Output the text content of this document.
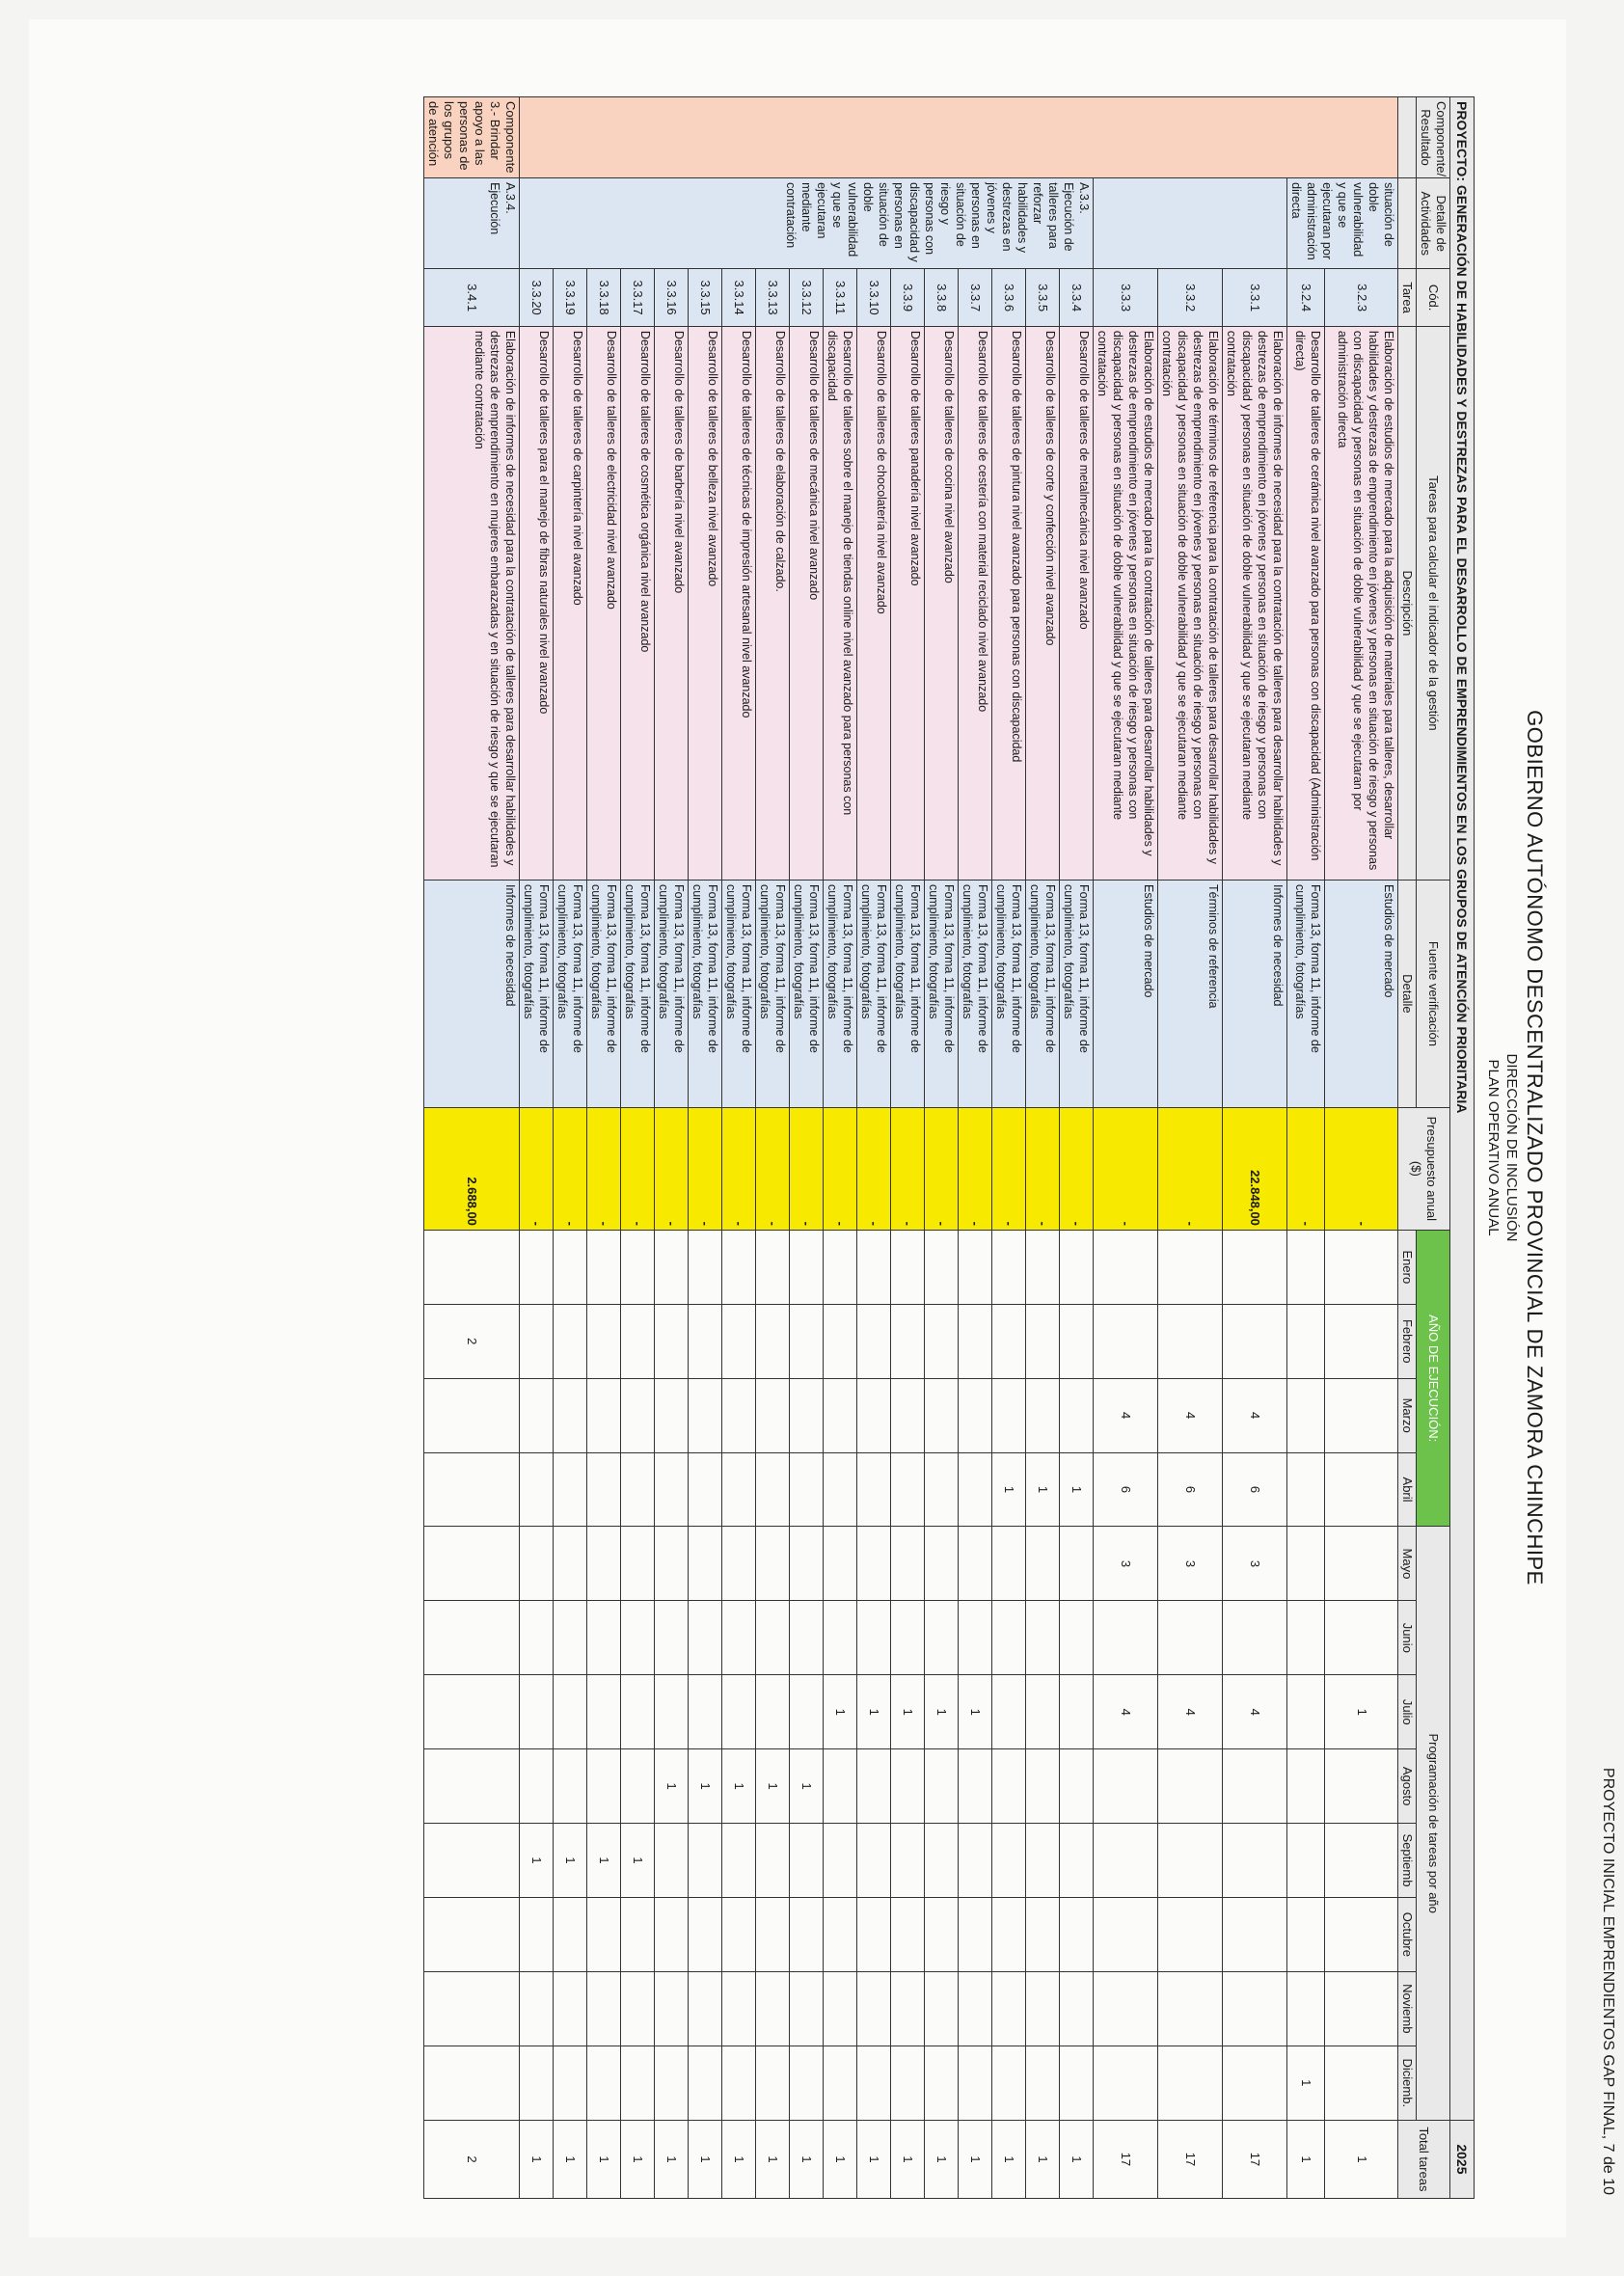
PROYECTO INICIAL EMPRENDIENTOS GAP FINAL, 7 de 10
GOBIERNO AUTÓNOMO DESCENTRALIZADO PROVINCIAL DE ZAMORA CHINCHIPE
DIRECCIÓN DE INCLUSIÓN
PLAN OPERATIVO ANUAL
PROYECTO: GENERACIÓN DE HABILIDADES Y DESTREZAS PARA EL DESARROLLO DE EMPRENDIMIENTOS EN LOS GRUPOS DE ATENCIÓN PRIORITARIA																		2025
Componente/ Resultado	Detalle de Actividades	Cód.	Tareas para calcular el indicador de la gestión	Fuente verificación	Presupuesto anual ($)	AÑO DE EJECUCIÓN:				Programación de tareas por año								Total tareas
		Tarea	Descripción	Detalle		Enero	Febrero	Marzo	Abril	Mayo	Junio	Julio	Agosto	Septiemb	Octubre	Noviemb	Diciemb.	
	situación de doble vulnerabilidad y que se ejecutaran por administración directa	3.2.3	Elaboración de estudios de mercado para la adquisición de materiales para talleres, desarrollar habilidades y destrezas de emprendimiento en jóvenes y personas en situación de riesgo y personas con discapacidad y personas en situación de doble vulnerabilidad y que se ejecutaran por administración directa	Estudios de mercado	-							1						1
		3.2.4	Desarrollo de talleres de cerámica nivel avanzado para personas con discapacidad (Administración directa)	Forma 13, forma 11, informe de cumplimiento, fotografías	-												1	1
		3.3.1	Elaboración de informes de necesidad para la contratación de talleres para desarrollar habilidades y destrezas de emprendimiento en jóvenes y personas en situación de riesgo y personas con discapacidad y personas en situación de doble vulnerabilidad y que se ejecutaran mediante contratación	Informes de necesidad	22.848,00			4	6	3		4						17
		3.3.2	Elaboración de términos de referencia para la contratación de talleres para desarrollar habilidades y destrezas de emprendimiento en jóvenes y personas en situación de riesgo y personas con discapacidad y personas en situación de doble vulnerabilidad y que se ejecutaran mediante contratación	Términos de referencia	-			4	6	3		4						17
		3.3.3	Elaboración de estudios de mercado para la contratación de talleres para desarrollar habilidades y destrezas de emprendimiento en jóvenes y personas en situación de riesgo y personas con discapacidad y personas en situación de doble vulnerabilidad y que se ejecutaran mediante contratación	Estudios de mercado	-			4	6	3		4						17
	A.3.3. Ejecución de talleres para reforzar habilidades y destrezas en jóvenes y personas en situación de riesgo y personas con discapacidad y personas en situación de doble vulnerabilidad y que se ejecutaran mediante contratación	3.3.4	Desarrollo de talleres de metalmecánica nivel avanzado	Forma 13, forma 11, informe de cumplimiento, fotografías	-				1									1
		3.3.5	Desarrollo de talleres de corte y confección nivel avanzado	Forma 13, forma 11, informe de cumplimiento, fotografías	-				1									1
		3.3.6	Desarrollo de talleres de pintura nivel avanzado para personas con discapacidad	Forma 13, forma 11, informe de cumplimiento, fotografías	-				1									1
		3.3.7	Desarrollo de talleres de cestería con material reciclado nivel avanzado	Forma 13, forma 11, informe de cumplimiento, fotografías	-							1						1
		3.3.8	Desarrollo de talleres de cocina nivel avanzado	Forma 13, forma 11, informe de cumplimiento, fotografías	-							1						1
		3.3.9	Desarrollo de talleres panadería nivel avanzado	Forma 13, forma 11, informe de cumplimiento, fotografías	-							1						1
		3.3.10	Desarrollo de talleres de chocolatería nivel avanzado	Forma 13, forma 11, informe de cumplimiento, fotografías	-							1						1
		3.3.11	Desarrollo de talleres sobre el manejo de tiendas online nivel avanzado para personas con discapacidad	Forma 13, forma 11, informe de cumplimiento, fotografías	-							1						1
		3.3.12	Desarrollo de talleres de mecánica nivel avanzado	Forma 13, forma 11, informe de cumplimiento, fotografías	-								1					1
		3.3.13	Desarrollo de talleres de elaboración de calzado.	Forma 13, forma 11, informe de cumplimiento, fotografías	-								1					1
		3.3.14	Desarrollo de talleres de técnicas de impresión artesanal nivel avanzado	Forma 13, forma 11, informe de cumplimiento, fotografías	-								1					1
		3.3.15	Desarrollo de talleres de belleza nivel avanzado	Forma 13, forma 11, informe de cumplimiento, fotografías	-								1					1
		3.3.16	Desarrollo de talleres de barbería nivel avanzado	Forma 13, forma 11, informe de cumplimiento, fotografías	-								1					1
		3.3.17	Desarrollo de talleres de cosmética orgánica nivel avanzado	Forma 13, forma 11, informe de cumplimiento, fotografías	-									1				1
		3.3.18	Desarrollo de talleres de electricidad nivel avanzado	Forma 13, forma 11, informe de cumplimiento, fotografías	-									1				1
		3.3.19	Desarrollo de talleres de carpintería nivel avanzado	Forma 13, forma 11, informe de cumplimiento, fotografías	-									1				1
		3.3.20	Desarrollo de talleres para el manejo de fibras naturales nivel avanzado	Forma 13, forma 11, informe de cumplimiento, fotografías	-									1				1
Componente 3.- Brindar apoyo a las personas de los grupos de atención	A.3.4. Ejecución	3.4.1	Elaboración de informes de necesidad para la contratación de talleres para desarrollar habilidades y destrezas de emprendimiento en mujeres embarazadas y en situación de riesgo y que se ejecutaran mediante contratación	Informes de necesidad	2.688,00		2											2
